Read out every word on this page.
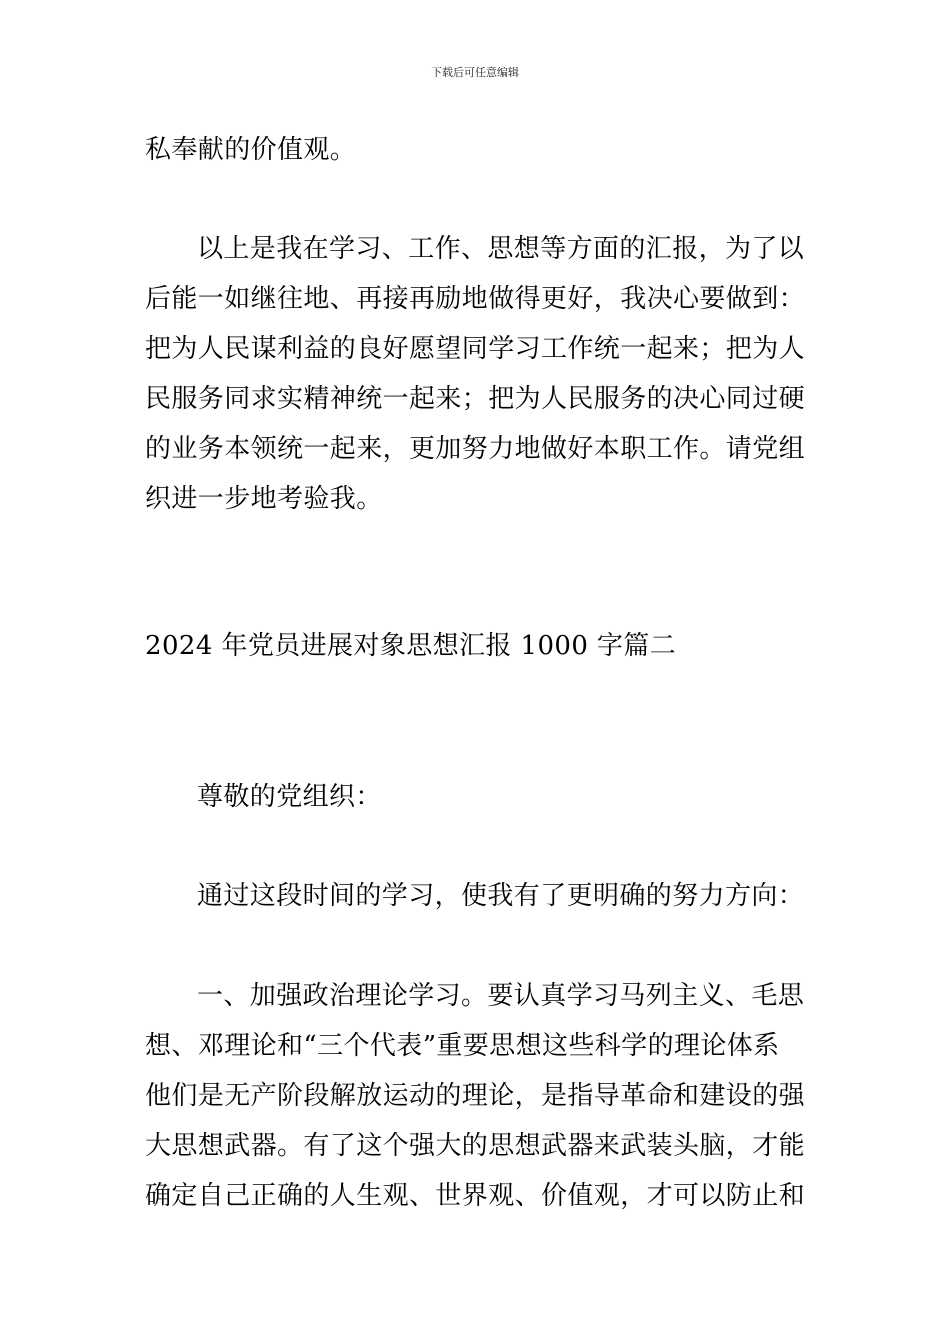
下载后可任意编辑
私奉献的价值观。
以上是我在学习、工作、思想等方面的汇报，为了以
后能一如继往地、再接再励地做得更好，我决心要做到：
把为人民谋利益的良好愿望同学习工作统一起来；把为人
民服务同求实精神统一起来；把为人民服务的决心同过硬
的业务本领统一起来，更加努力地做好本职工作。请党组
织进一步地考验我。
2024 年党员进展对象思想汇报 1000 字篇二
尊敬的党组织：
通过这段时间的学习，使我有了更明确的努力方向：
一、加强政治理论学习。要认真学习马列主义、毛思
想、邓理论和“三个代表”重要思想这些科学的理论体系
他们是无产阶段解放运动的理论，是指导革命和建设的强
大思想武器。有了这个强大的思想武器来武装头脑，才能
确定自己正确的人生观、世界观、价值观，才可以防止和
